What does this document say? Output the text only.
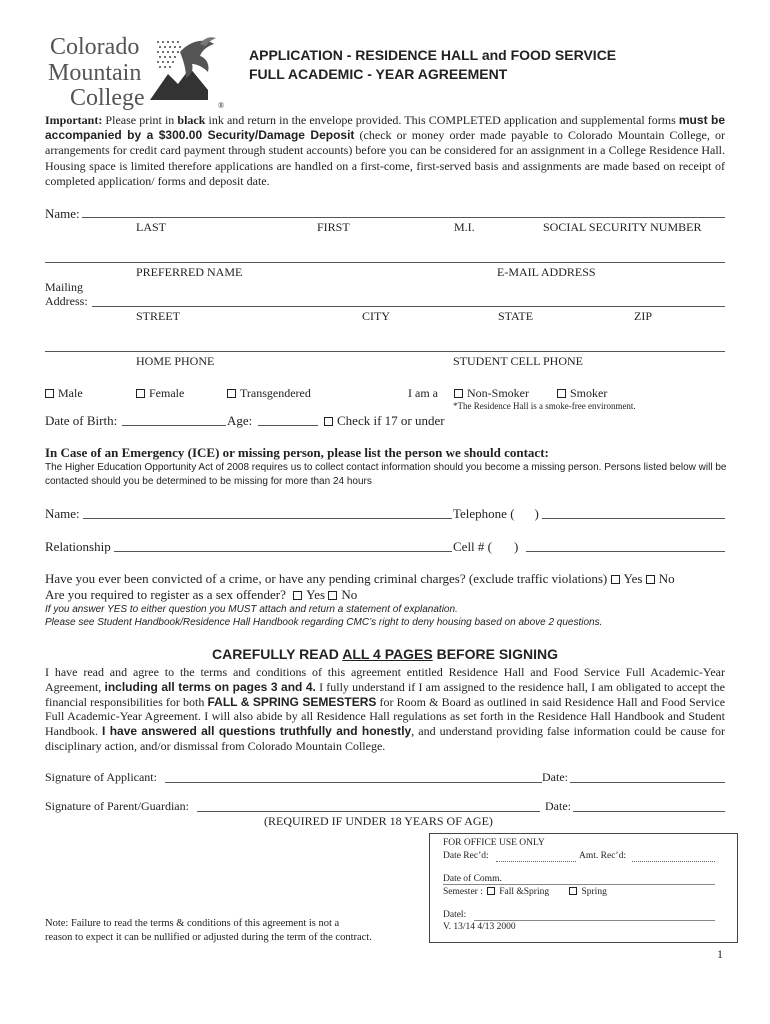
Colorado
Mountain
College	®
APPLICATION - RESIDENCE HALL and FOOD SERVICE
FULL ACADEMIC - YEAR AGREEMENT
Important: Please print in black ink and return in the envelope provided. This COMPLETED application and supplemental forms must be accompanied by a $300.00 Security/Damage Deposit (check or money order made payable to Colorado Mountain College, or arrangements for credit card payment through student accounts) before you can be considered for an assignment in a College Residence Hall. Housing space is limited therefore applications are handled on a first-come, first-served basis and assignments are made based on receipt of completed application/ forms and deposit date.
Name:
LAST	FIRST	M.I.	SOCIAL SECURITY NUMBER
PREFERRED NAME	E-MAIL ADDRESS
Mailing
Address:
STREET	CITY	STATE	ZIP
HOME PHONE	STUDENT CELL PHONE
Male	Female	Transgendered	I am a	Non-Smoker	Smoker
*The Residence Hall is a smoke-free environment.
Date of Birth:	Age:	Check if 17 or under
In Case of an Emergency (ICE) or missing person, please list the person we should contact:
The Higher Education Opportunity Act of 2008 requires us to collect contact information should you become a missing person. Persons listed below will be contacted should you be determined to be missing for more than 24 hours
Name:	Telephone ( )
Relationship	Cell # ( )
Have you ever been convicted of a crime, or have any pending criminal charges? (exclude traffic violations) Yes No
Are you required to register as a sex offender? Yes No
If you answer YES to either question you MUST attach and return a statement of explanation.
Please see Student Handbook/Residence Hall Handbook regarding CMC’s right to deny housing based on above 2 questions.
CAREFULLY READ ALL 4 PAGES BEFORE SIGNING
I have read and agree to the terms and conditions of this agreement entitled Residence Hall and Food Service Full Academic-Year Agreement, including all terms on pages 3 and 4. I fully understand if I am assigned to the residence hall, I am obligated to accept the financial responsibilities for both FALL & SPRING SEMESTERS for Room & Board as outlined in said Residence Hall and Food Service Full Academic-Year Agreement. I will also abide by all Residence Hall regulations as set forth in the Residence Hall Handbook and Student Handbook. I have answered all questions truthfully and honestly, and understand providing false information could be cause for disciplinary action, and/or dismissal from Colorado Mountain College.
Signature of Applicant:	Date:
Signature of Parent/Guardian:	Date:
(REQUIRED IF UNDER 18 YEARS OF AGE)
FOR OFFICE USE ONLY
Date Rec’d:	Amt. Rec’d:
Date of Comm.
Semester : Fall &Spring	Spring
Datel:
V. 13/14 4/13 2000
Note: Failure to read the terms & conditions of this agreement is not a
reason to expect it can be nullified or adjusted during the term of the contract.
1
